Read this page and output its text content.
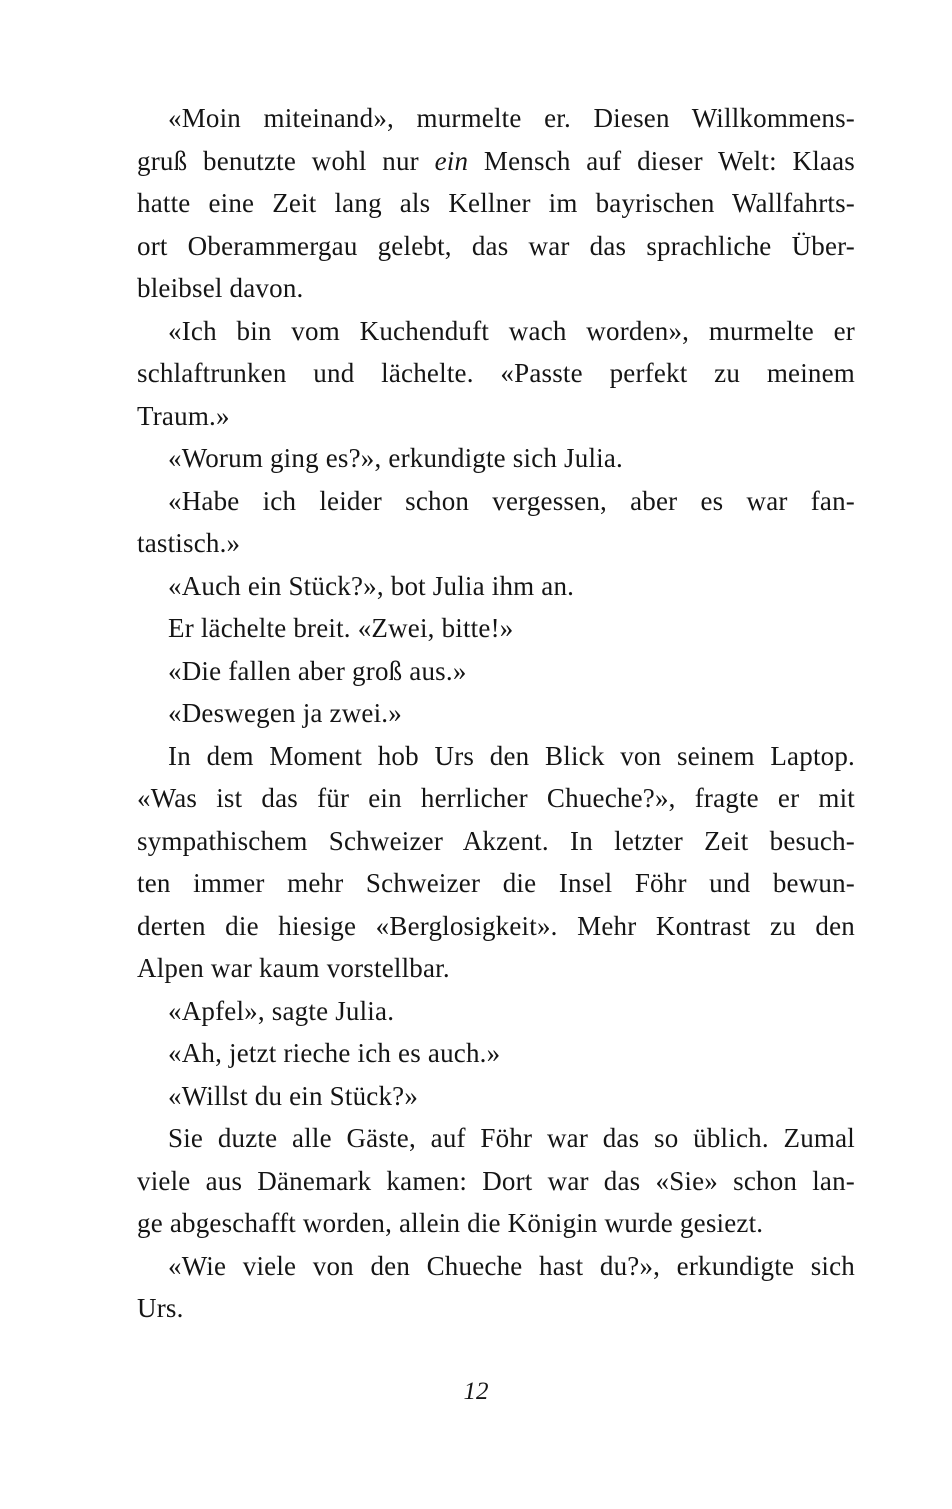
«Moin miteinand», murmelte er. Diesen Willkommens-
gruß benutzte wohl nur ein Mensch auf dieser Welt: Klaas
hatte eine Zeit lang als Kellner im bayrischen Wallfahrts-
ort Oberammergau gelebt, das war das sprachliche Über-
bleibsel davon.
«Ich bin vom Kuchenduft wach worden», murmelte er
schlaftrunken und lächelte. «Passte perfekt zu meinem
Traum.»
«Worum ging es?», erkundigte sich Julia.
«Habe ich leider schon vergessen, aber es war fan-
tastisch.»
«Auch ein Stück?», bot Julia ihm an.
Er lächelte breit. «Zwei, bitte!»
«Die fallen aber groß aus.»
«Deswegen ja zwei.»
In dem Moment hob Urs den Blick von seinem Laptop.
«Was ist das für ein herrlicher Chueche?», fragte er mit
sympathischem Schweizer Akzent. In letzter Zeit besuch-
ten immer mehr Schweizer die Insel Föhr und bewun-
derten die hiesige «Berglosigkeit». Mehr Kontrast zu den
Alpen war kaum vorstellbar.
«Apfel», sagte Julia.
«Ah, jetzt rieche ich es auch.»
«Willst du ein Stück?»
Sie duzte alle Gäste, auf Föhr war das so üblich. Zumal
viele aus Dänemark kamen: Dort war das «Sie» schon lan-
ge abgeschafft worden, allein die Königin wurde gesiezt.
«Wie viele von den Chueche hast du?», erkundigte sich
Urs.
12
